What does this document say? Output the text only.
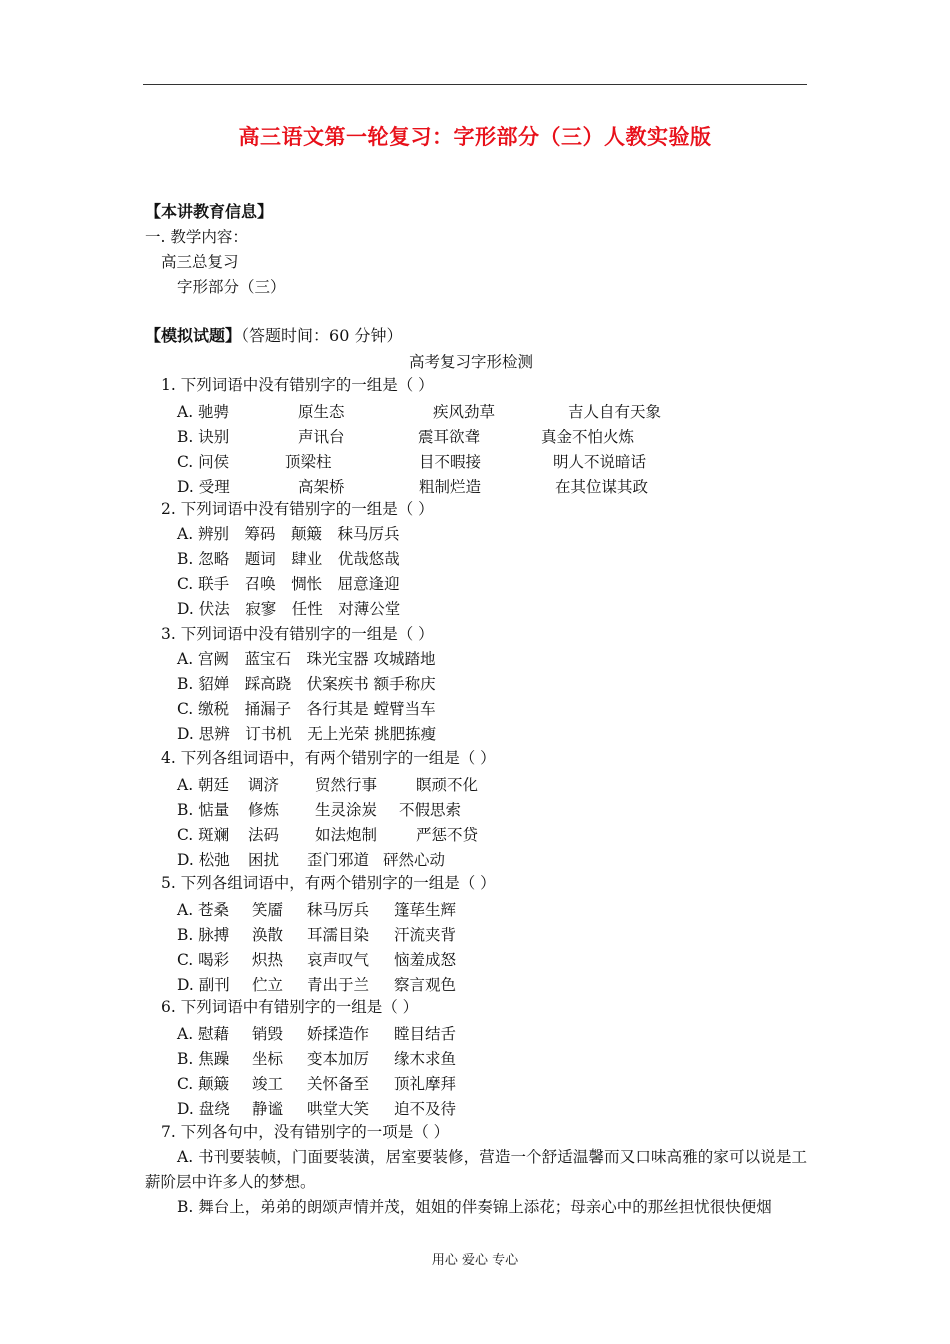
高三语文第一轮复习：字形部分（三）人教实验版
【本讲教育信息】
一. 教学内容：
高三总复习
字形部分（三）
【模拟试题】（答题时间：60 分钟）
高考复习字形检测
1. 下列词语中没有错别字的一组是（ ）
A. 驰骋	原生态	疾风劲草	吉人自有天象
B. 诀别	声讯台	震耳欲聋	真金不怕火炼
C. 问侯	顶梁柱	目不暇接	明人不说暗话
D. 受理	高架桥	粗制烂造	在其位谋其政
2. 下列词语中没有错别字的一组是（ ）
A. 辨别　筹码　颠簸　秣马厉兵
B. 忽略　题词　肆业　优哉悠哉
C. 联手　召唤　惆怅　屈意逢迎
D. 伏法　寂寥　任性　对薄公堂
3. 下列词语中没有错别字的一组是（ ）
A. 宫阙　蓝宝石　珠光宝器 攻城踏地
B. 貂婵　踩高跷　伏案疾书 额手称庆
C. 缴税　捅漏子　各行其是 螳臂当车
D. 思辨　订书机　无上光荣 挑肥拣瘦
4. 下列各组词语中，有两个错别字的一组是（ ）
A. 朝廷 调济 贸然行事	瞑顽不化
B. 惦量 修炼 生灵涂炭 不假思索
C. 斑斓 法码 如法炮制	严惩不贷
D. 松弛 困扰 歪门邪道 砰然心动
5. 下列各组词语中，有两个错别字的一组是（ ）
A. 苍桑 笑靥 秣马厉兵 篷荜生辉
B. 脉搏 涣散 耳濡目染 汗流夹背
C. 喝彩 炽热 哀声叹气 恼羞成怒
D. 副刊 伫立 青出于兰 察言观色
6. 下列词语中有错别字的一组是（ ）
A. 慰藉 销毁 娇揉造作 瞠目结舌
B. 焦躁 坐标 变本加厉 缘木求鱼
C. 颠簸 竣工 关怀备至 顶礼摩拜
D. 盘绕 静谧 哄堂大笑 迫不及待
7. 下列各句中，没有错别字的一项是（ ）
A. 书刊要装帧，门面要装潢，居室要装修，营造一个舒适温馨而又口味高雅的家可以说是工薪阶层中许多人的梦想。
B. 舞台上，弟弟的朗颂声情并茂，姐姐的伴奏锦上添花；母亲心中的那丝担忧很快便烟
用心 爱心 专心
